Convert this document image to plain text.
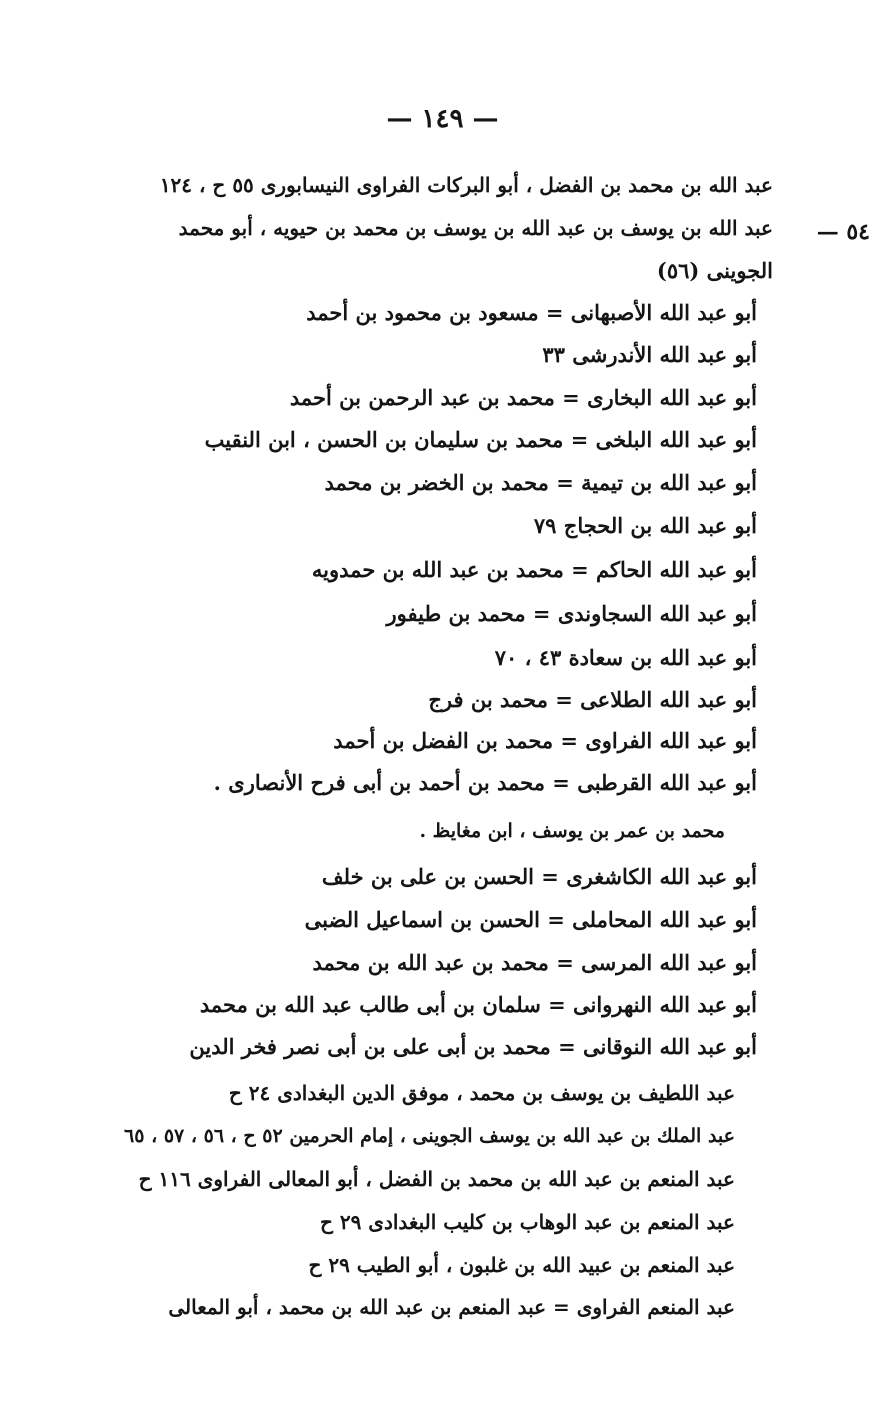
— ١٤٩ —
٥٤ —
عبد الله بن محمد بن الفضل ، أبو البركات الفراوى النيسابورى ٥٥ ح ، ١٢٤
عبد الله بن يوسف بن عبد الله بن يوسف بن محمد بن حيويه ، أبو محمد
الجوينى (٥٦)
أبو عبد الله الأصبهانى = مسعود بن محمود بن أحمد
أبو عبد الله الأندرشى ٣٣
أبو عبد الله البخارى = محمد بن عبد الرحمن بن أحمد
أبو عبد الله البلخى = محمد بن سليمان بن الحسن ، ابن النقيب
أبو عبد الله بن تيمية = محمد بن الخضر بن محمد
أبو عبد الله بن الحجاج ٧٩
أبو عبد الله الحاكم = محمد بن عبد الله بن حمدويه
أبو عبد الله السجاوندى = محمد بن طيفور
أبو عبد الله بن سعادة ٤٣ ، ٧٠
أبو عبد الله الطلاعى = محمد بن فرج
أبو عبد الله الفراوى = محمد بن الفضل بن أحمد
أبو عبد الله القرطبى = محمد بن أحمد بن أبى فرح الأنصارى .
محمد بن عمر بن يوسف ، ابن مغايظ .
أبو عبد الله الكاشغرى = الحسن بن على بن خلف
أبو عبد الله المحاملى = الحسن بن اسماعيل الضبى
أبو عبد الله المرسى = محمد بن عبد الله بن محمد
أبو عبد الله النهروانى = سلمان بن أبى طالب عبد الله بن محمد
أبو عبد الله النوقانى = محمد بن أبى على بن أبى نصر فخر الدين
عبد اللطيف بن يوسف بن محمد ، موفق الدين البغدادى ٢٤ ح
عبد الملك بن عبد الله بن يوسف الجوينى ، إمام الحرمين ٥٢ ح ، ٥٦ ، ٥٧ ، ٦٥
عبد المنعم بن عبد الله بن محمد بن الفضل ، أبو المعالى الفراوى ١١٦ ح
عبد المنعم بن عبد الوهاب بن كليب البغدادى ٢٩ ح
عبد المنعم بن عبيد الله بن غلبون ، أبو الطيب ٢٩ ح
عبد المنعم الفراوى = عبد المنعم بن عبد الله بن محمد ، أبو المعالى
